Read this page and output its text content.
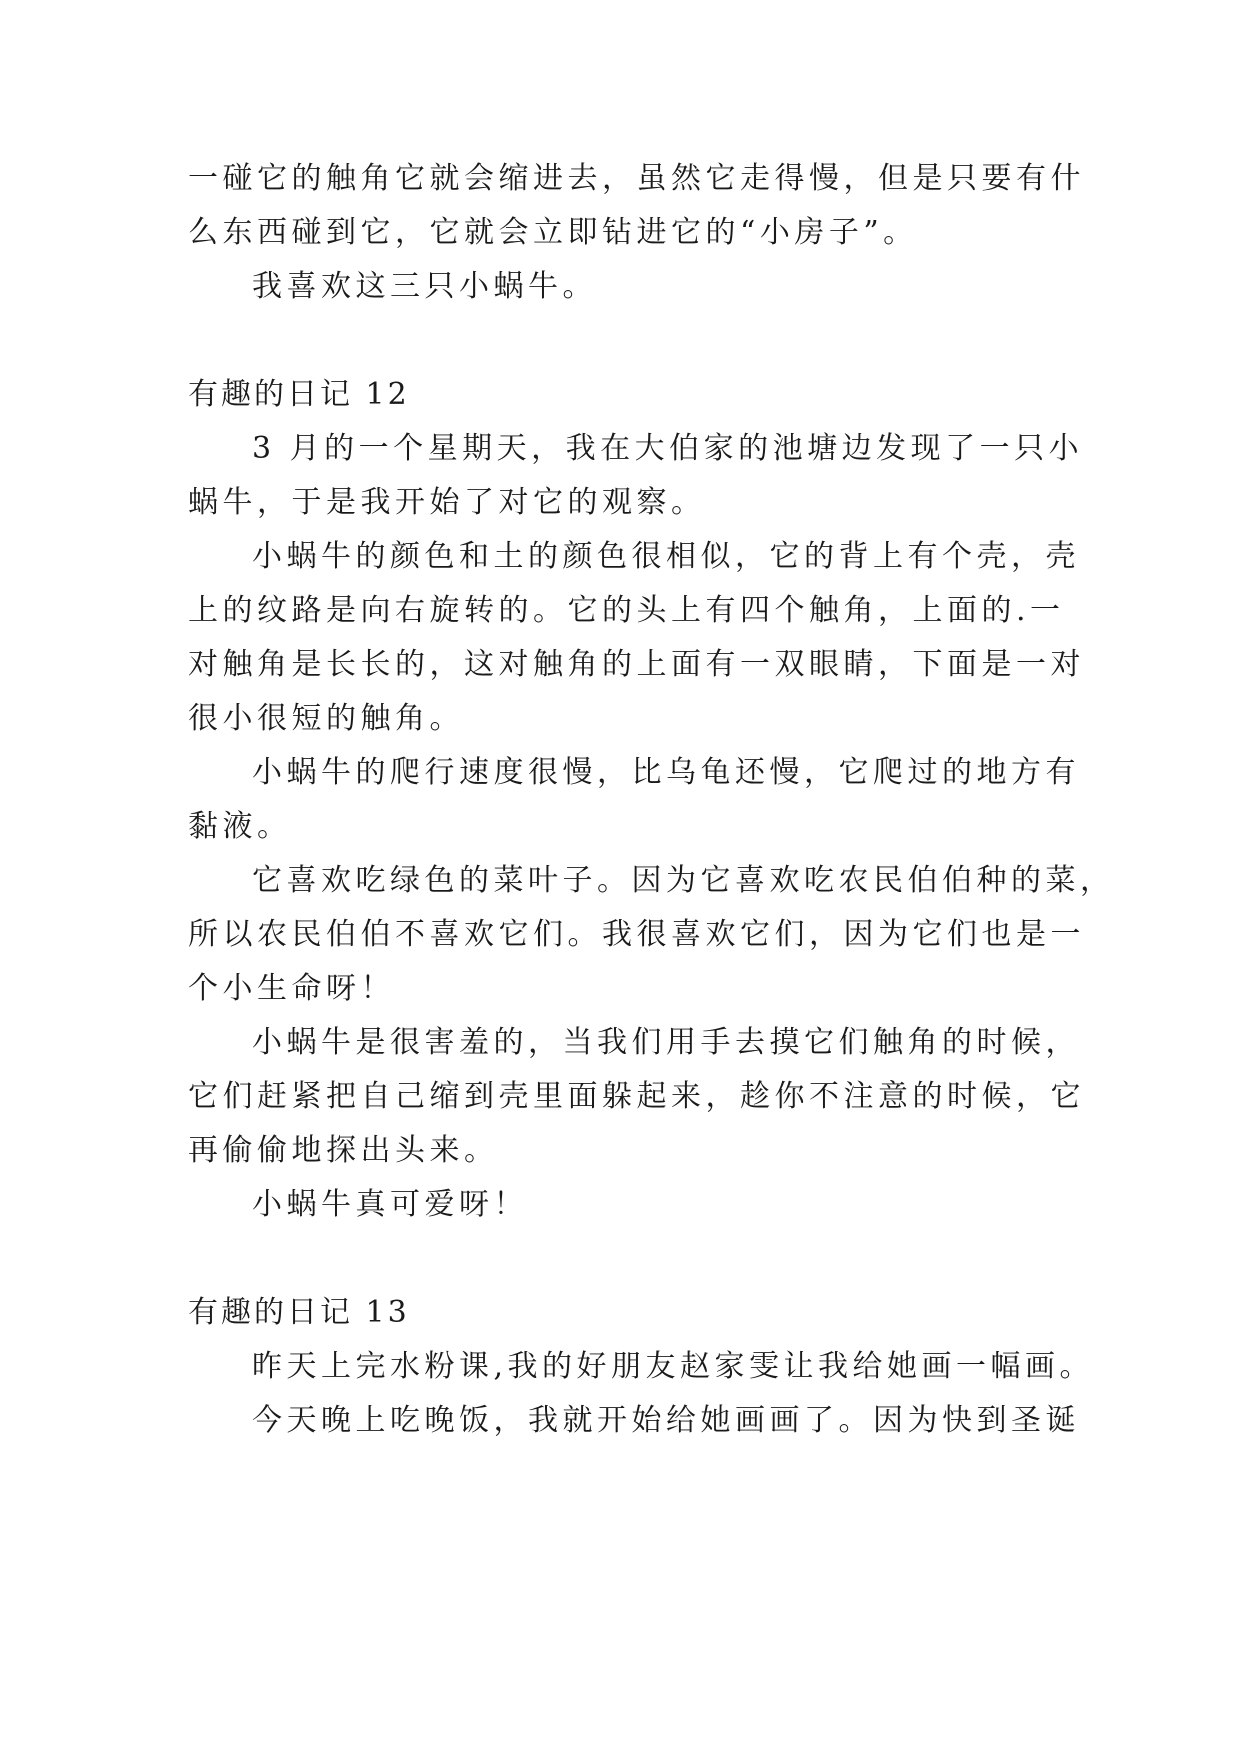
一碰它的触角它就会缩进去，虽然它走得慢，但是只要有什
么东西碰到它，它就会立即钻进它的“小房子”。

我喜欢这三只小蜗牛。

有趣的日记 12

3 月的一个星期天，我在大伯家的池塘边发现了一只小
蜗牛，于是我开始了对它的观察。

小蜗牛的颜色和土的颜色很相似，它的背上有个壳，壳
上的纹路是向右旋转的。它的头上有四个触角，上面的.一
对触角是长长的，这对触角的上面有一双眼睛，下面是一对
很小很短的触角。

小蜗牛的爬行速度很慢，比乌龟还慢，它爬过的地方有
黏液。

它喜欢吃绿色的菜叶子。因为它喜欢吃农民伯伯种的菜，
所以农民伯伯不喜欢它们。我很喜欢它们，因为它们也是一
个小生命呀！

小蜗牛是很害羞的，当我们用手去摸它们触角的时候，
它们赶紧把自己缩到壳里面躲起来，趁你不注意的时候，它
再偷偷地探出头来。

小蜗牛真可爱呀！

有趣的日记 13

昨天上完水粉课,我的好朋友赵家雯让我给她画一幅画。

今天晚上吃晚饭，我就开始给她画画了。因为快到圣诞
